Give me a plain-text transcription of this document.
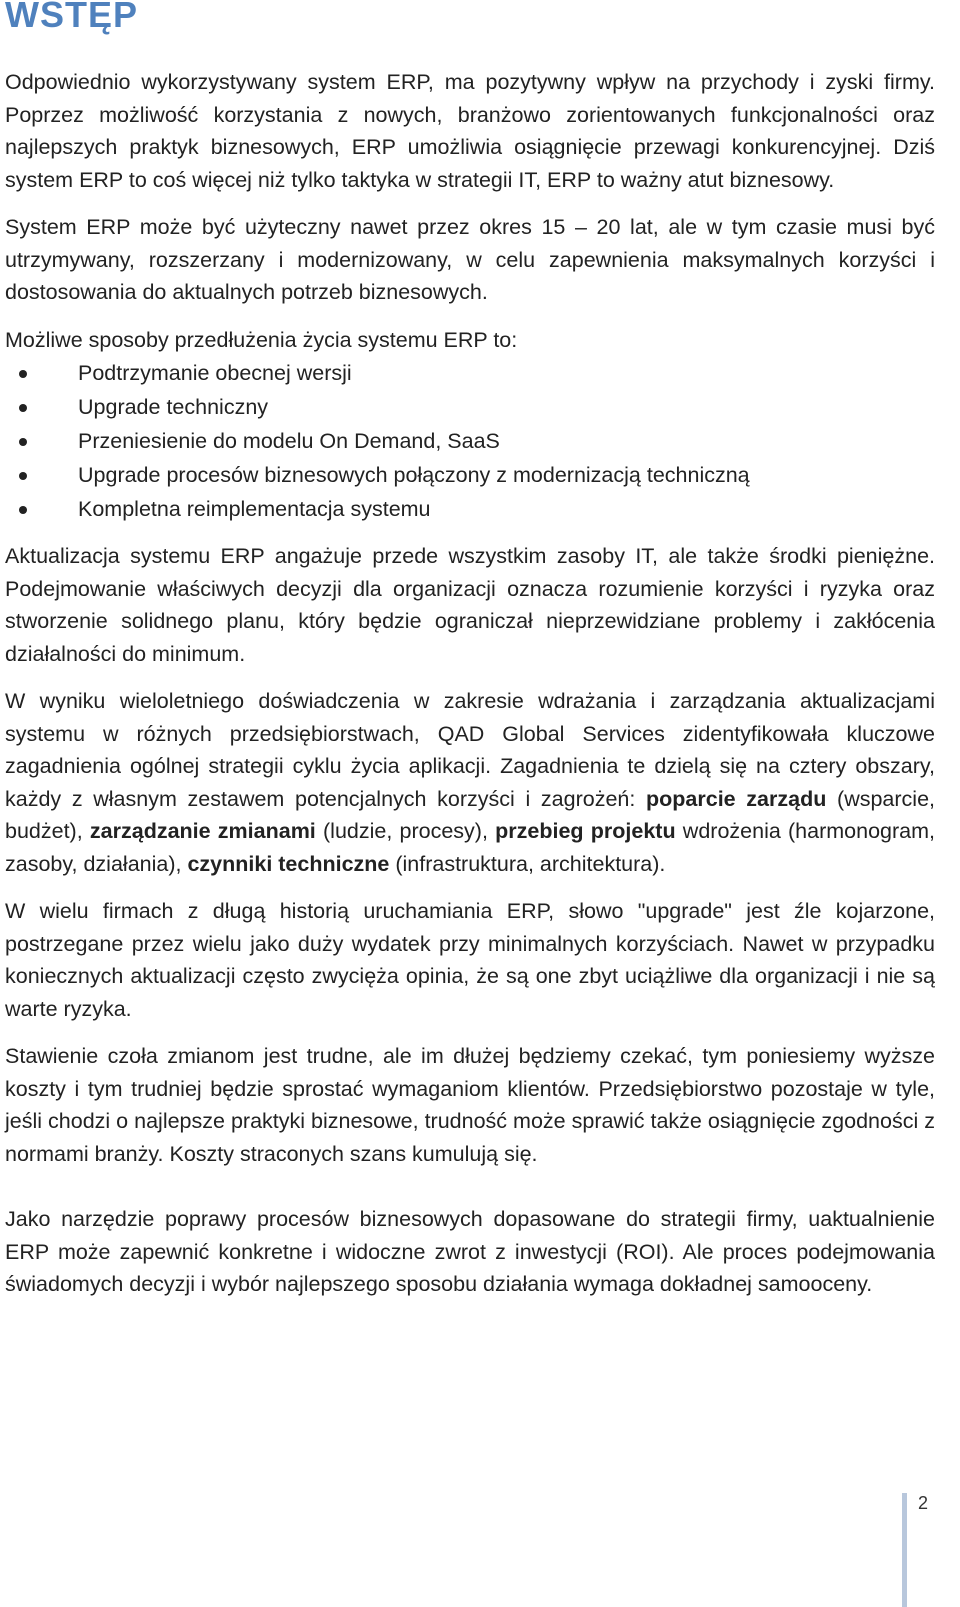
WSTĘP

Odpowiednio wykorzystywany system ERP, ma pozytywny wpływ na przychody i zyski firmy. Poprzez możliwość korzystania z nowych, branżowo zorientowanych funkcjonalności oraz najlepszych praktyk biznesowych, ERP umożliwia osiągnięcie przewagi konkurencyjnej. Dziś system ERP to coś więcej niż tylko taktyka w strategii IT, ERP to ważny atut biznesowy.

System ERP może być użyteczny nawet przez okres 15 – 20 lat, ale w tym czasie musi być utrzymywany, rozszerzany i modernizowany, w celu zapewnienia maksymalnych korzyści i dostosowania do aktualnych potrzeb biznesowych.

Możliwe sposoby przedłużenia życia systemu ERP to:

Podtrzymanie obecnej wersji
Upgrade techniczny
Przeniesienie do modelu On Demand, SaaS
Upgrade procesów biznesowych połączony z modernizacją techniczną
Kompletna reimplementacja systemu

Aktualizacja systemu ERP angażuje przede wszystkim zasoby IT, ale także środki pieniężne. Podejmowanie właściwych decyzji dla organizacji oznacza rozumienie korzyści i ryzyka oraz stworzenie solidnego planu, który będzie ograniczał nieprzewidziane problemy i zakłócenia działalności do minimum.

W wyniku wieloletniego doświadczenia w zakresie wdrażania i zarządzania aktualizacjami systemu w różnych przedsiębiorstwach, QAD Global Services zidentyfikowała kluczowe zagadnienia ogólnej strategii cyklu życia aplikacji. Zagadnienia te dzielą się na cztery obszary, każdy z własnym zestawem potencjalnych korzyści i zagrożeń: poparcie zarządu (wsparcie, budżet), zarządzanie zmianami (ludzie, procesy), przebieg projektu wdrożenia (harmonogram, zasoby, działania), czynniki techniczne (infrastruktura, architektura).

W wielu firmach z długą historią uruchamiania ERP, słowo "upgrade" jest źle kojarzone, postrzegane przez wielu jako duży wydatek przy minimalnych korzyściach. Nawet w przypadku koniecznych aktualizacji często zwycięża opinia, że są one zbyt uciążliwe dla organizacji i nie są warte ryzyka.

Stawienie czoła zmianom jest trudne, ale im dłużej będziemy czekać, tym poniesiemy wyższe koszty i tym trudniej będzie sprostać wymaganiom klientów. Przedsiębiorstwo pozostaje w tyle, jeśli chodzi o najlepsze praktyki biznesowe, trudność może sprawić także osiągnięcie zgodności z normami branży. Koszty straconych szans kumulują się.

Jako narzędzie poprawy procesów biznesowych dopasowane do strategii firmy, uaktualnienie ERP może zapewnić konkretne i widoczne zwrot z inwestycji (ROI). Ale proces podejmowania świadomych decyzji i wybór najlepszego sposobu działania wymaga dokładnej samooceny.

2
